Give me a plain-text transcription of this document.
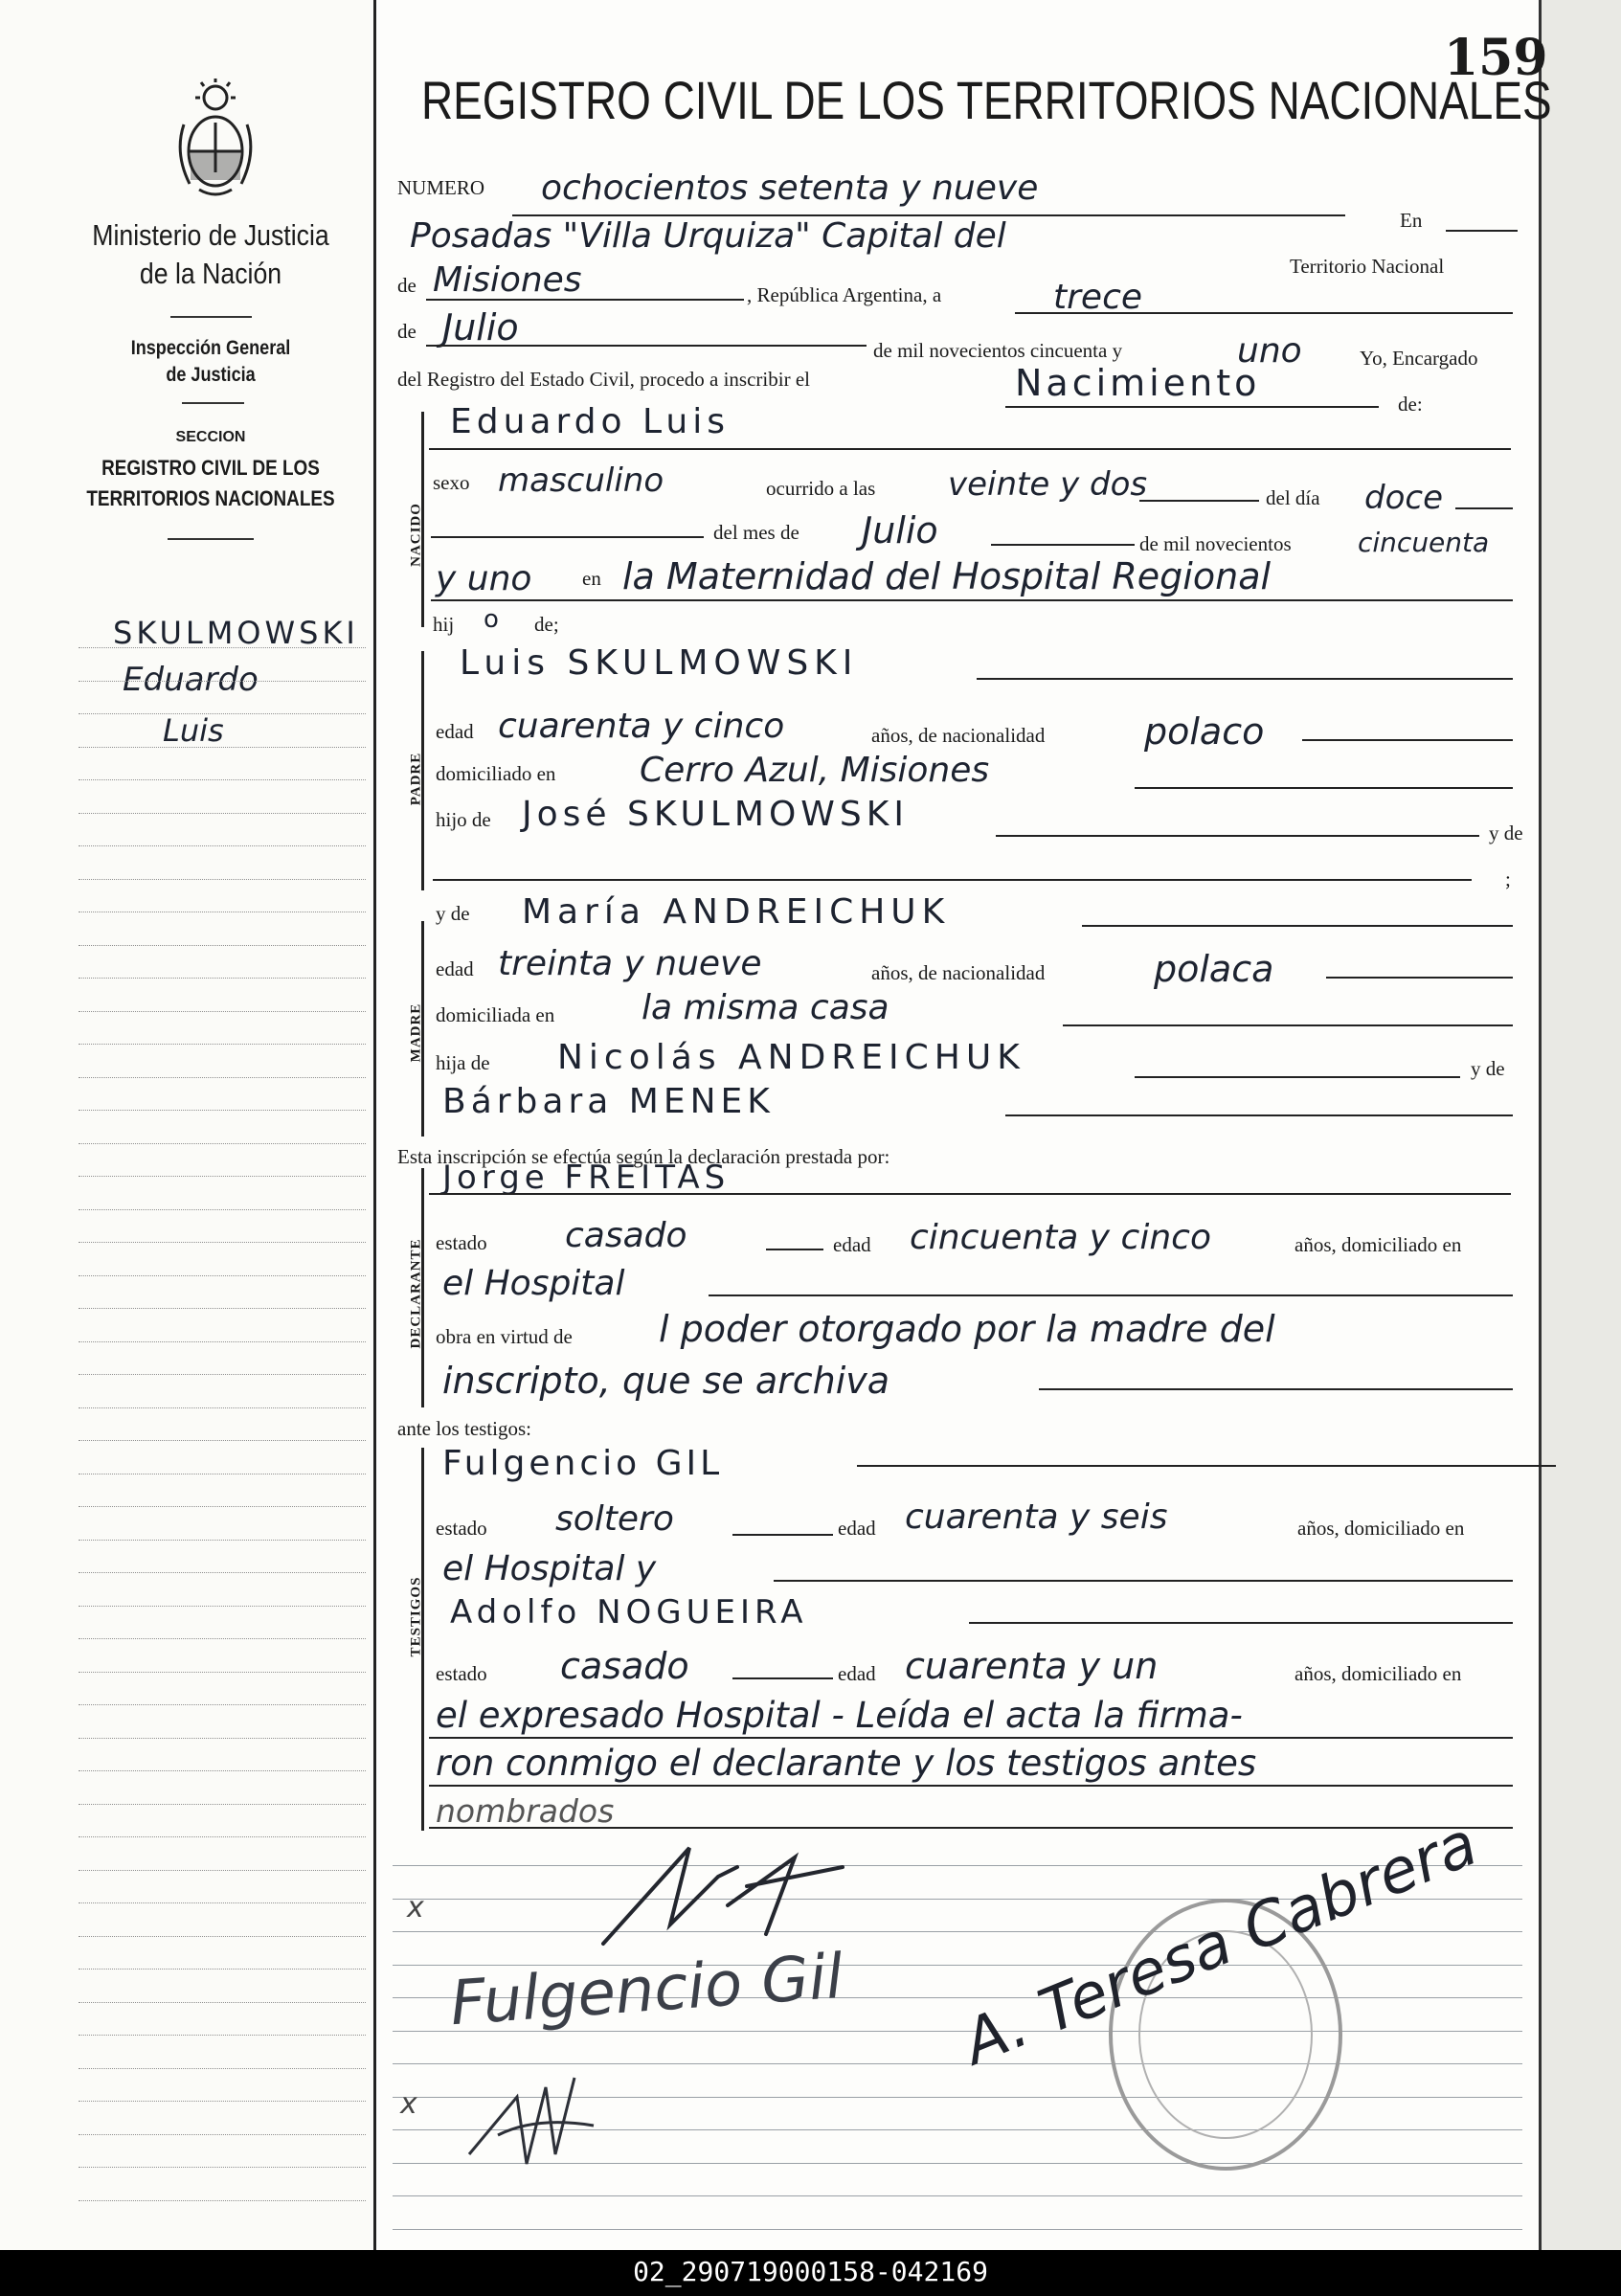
159
REGISTRO CIVIL DE LOS TERRITORIOS NACIONALES
Ministerio de Justicia
de la Nación
Inspección General
de Justicia
SECCION
REGISTRO CIVIL DE LOS
TERRITORIOS NACIONALES
SKULMOWSKI
Eduardo
Luis
NUMERO ochocientos setenta y nueve
En
Posadas "Villa Urquiza" Capital del
Territorio Nacional
de Misiones	, República Argentina, a	trece
de Julio
de mil novecientos cincuenta y	uno	Yo, Encargado
del Registro del Estado Civil, procedo a inscribir el	Nacimiento	de:
NACIDO
Eduardo Luis
sexo masculino	ocurrido a las veinte y dos	del día doce
del mes de Julio	de mil novecientos cincuenta
y uno	en la Maternidad del Hospital Regional
hij o de;
PADRE
Luis SKULMOWSKI
edad cuarenta y cinco	años, de nacionalidad	polaco
domiciliado en Cerro Azul, Misiones
hijo de José SKULMOWSKI	y de
;
y de
MADRE
María ANDREICHUK
edad treinta y nueve	años, de nacionalidad	polaca
domiciliada en	la misma casa
hija de Nicolás ANDREICHUK	y de
Bárbara MENEK
Esta inscripción se efectúa según la declaración prestada por:
DECLARANTE
Jorge FREITAS
estado casado	edad cincuenta y cinco	años, domiciliado en
el Hospital
obra en virtud de l poder otorgado por la madre del
inscripto, que se archiva
ante los testigos:
TESTIGOS
Fulgencio GIL
estado soltero	edad cuarenta y seis	años, domiciliado en
el Hospital y
Adolfo NOGUEIRA
estado casado	edad cuarenta y un	años, domiciliado en
el expresado Hospital - Leída el acta la firma-
ron conmigo el declarante y los testigos antes
nombrados
x
x
Fulgencio Gil A. Teresa Cabrera
02_290719000158-042169
